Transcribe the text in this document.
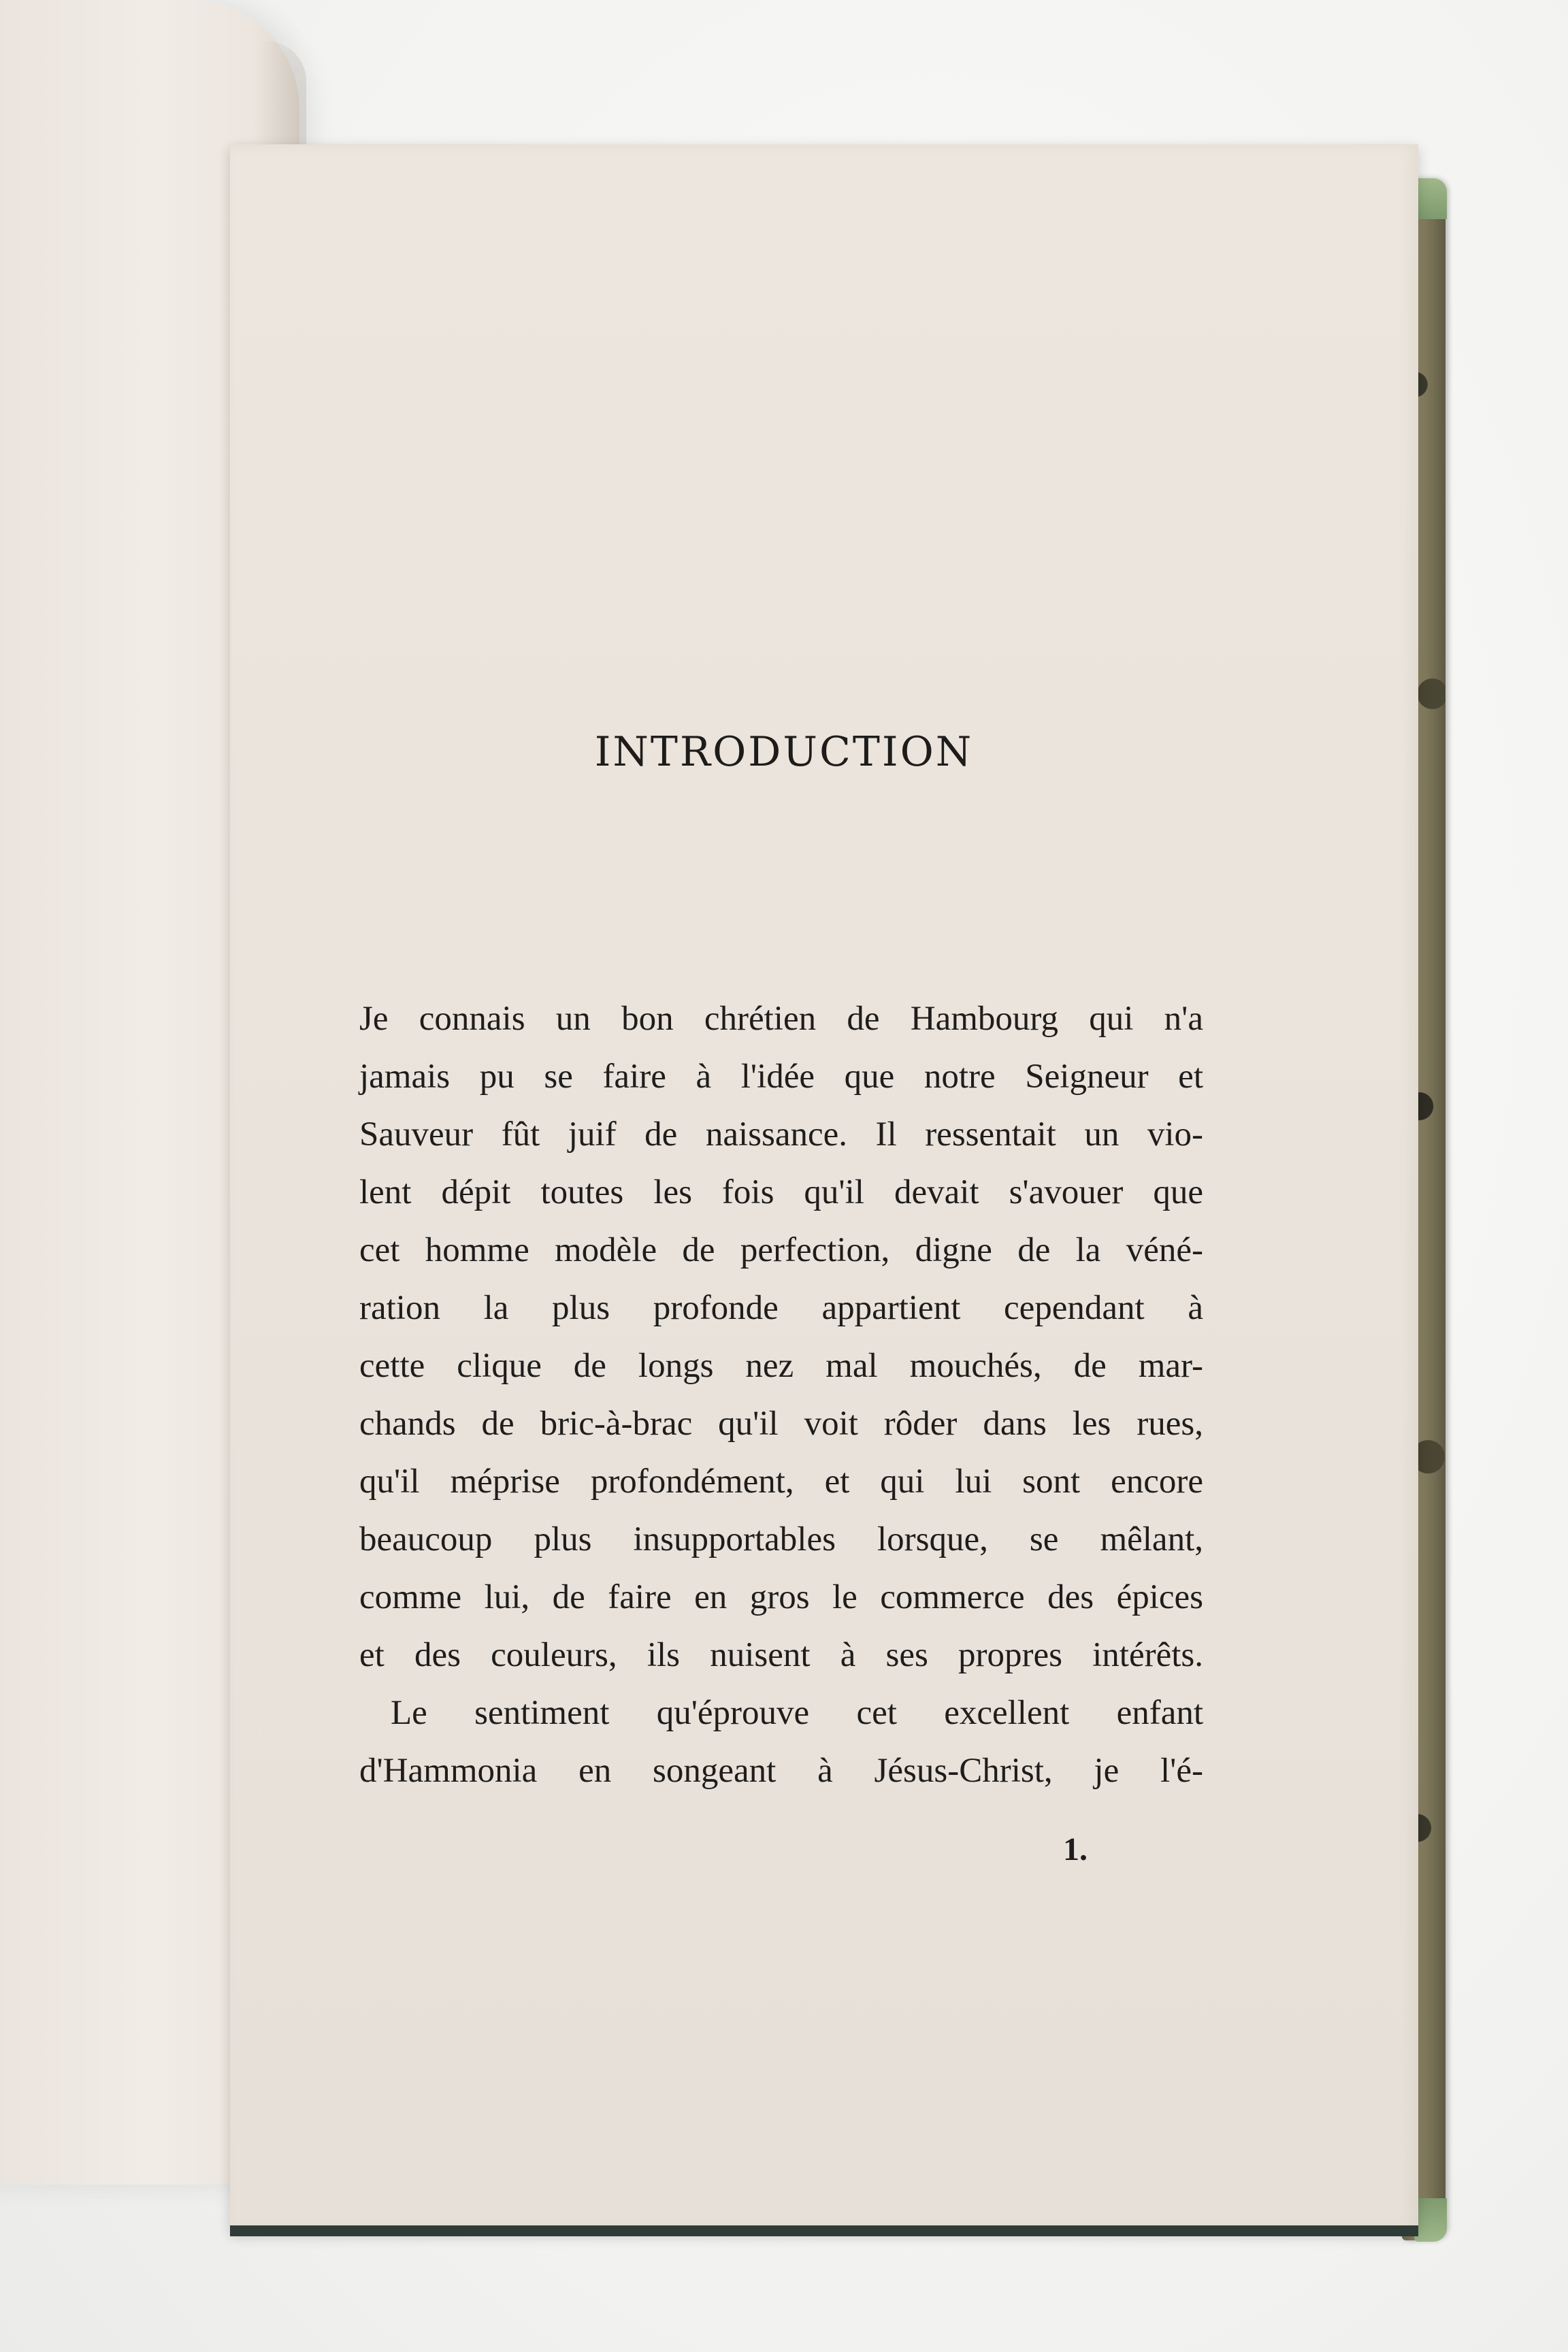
INTRODUCTION
Je connais un bon chrétien de Hambourg qui n'a
jamais pu se faire à l'idée que notre Seigneur et
Sauveur fût juif de naissance. Il ressentait un vio-
lent dépit toutes les fois qu'il devait s'avouer que
cet homme modèle de perfection, digne de la véné-
ration la plus profonde appartient cependant à
cette clique de longs nez mal mouchés, de mar-
chands de bric-à-brac qu'il voit rôder dans les rues,
qu'il méprise profondément, et qui lui sont encore
beaucoup plus insupportables lorsque, se mêlant,
comme lui, de faire en gros le commerce des épices
et des couleurs, ils nuisent à ses propres intérêts.
Le sentiment qu'éprouve cet excellent enfant
d'Hammonia en songeant à Jésus-Christ, je l'é-
1.
